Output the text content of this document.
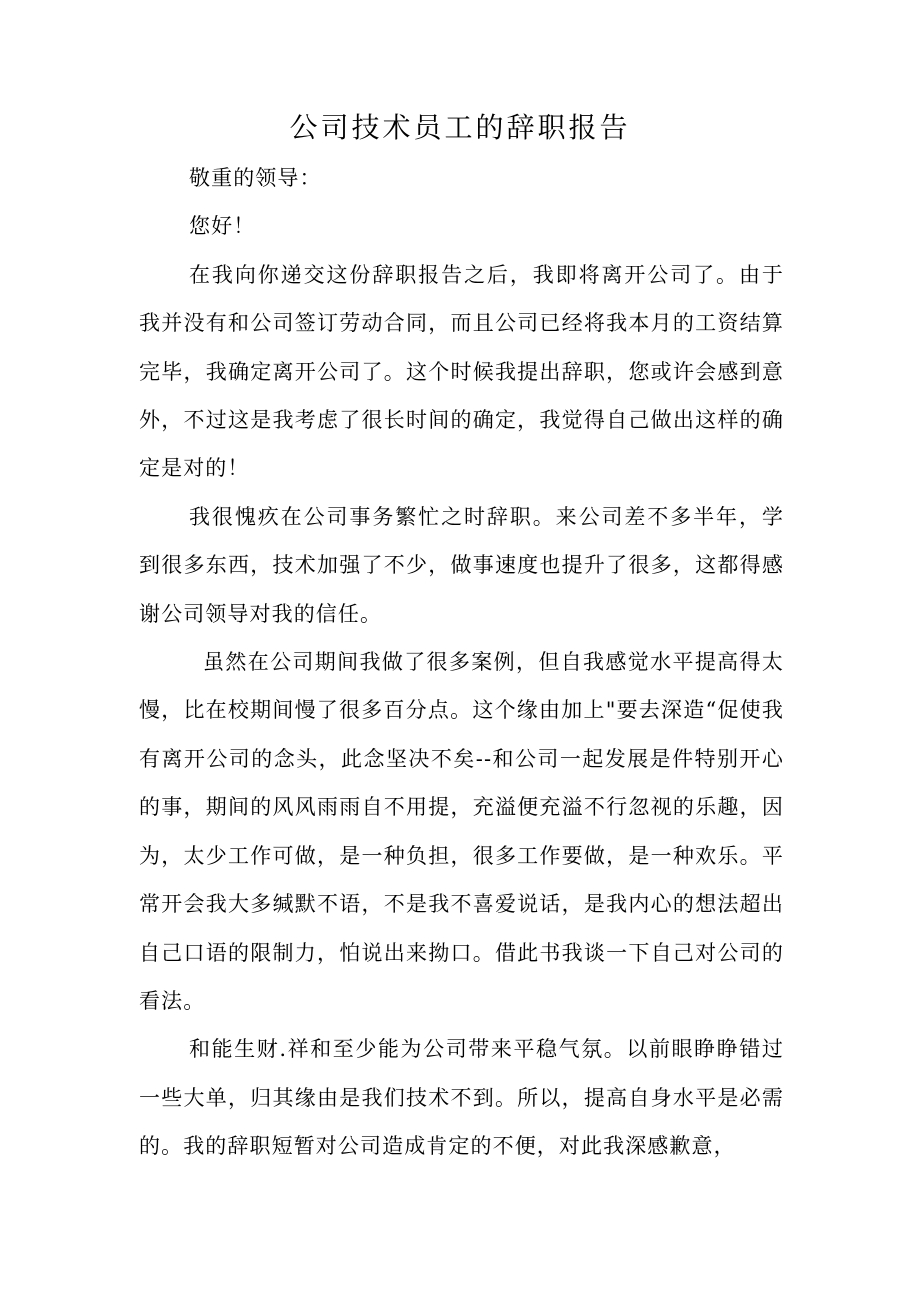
公司技术员工的辞职报告

敬重的领导：

您好！

在我向你递交这份辞职报告之后，我即将离开公司了。由于我并没有和公司签订劳动合同，而且公司已经将我本月的工资结算完毕，我确定离开公司了。这个时候我提出辞职，您或许会感到意外，不过这是我考虑了很长时间的确定，我觉得自己做出这样的确定是对的！

我很愧疚在公司事务繁忙之时辞职。来公司差不多半年，学到很多东西，技术加强了不少，做事速度也提升了很多，这都得感谢公司领导对我的信任。

虽然在公司期间我做了很多案例，但自我感觉水平提高得太慢，比在校期间慢了很多百分点。这个缘由加上"要去深造“促使我有离开公司的念头，此念坚决不矣--和公司一起发展是件特别开心的事，期间的风风雨雨自不用提，充溢便充溢不行忽视的乐趣，因为，太少工作可做，是一种负担，很多工作要做，是一种欢乐。平常开会我大多缄默不语，不是我不喜爱说话，是我内心的想法超出自己口语的限制力，怕说出来拗口。借此书我谈一下自己对公司的看法。

和能生财.祥和至少能为公司带来平稳气氛。以前眼睁睁错过一些大单，归其缘由是我们技术不到。所以，提高自身水平是必需的。我的辞职短暂对公司造成肯定的不便，对此我深感歉意，
